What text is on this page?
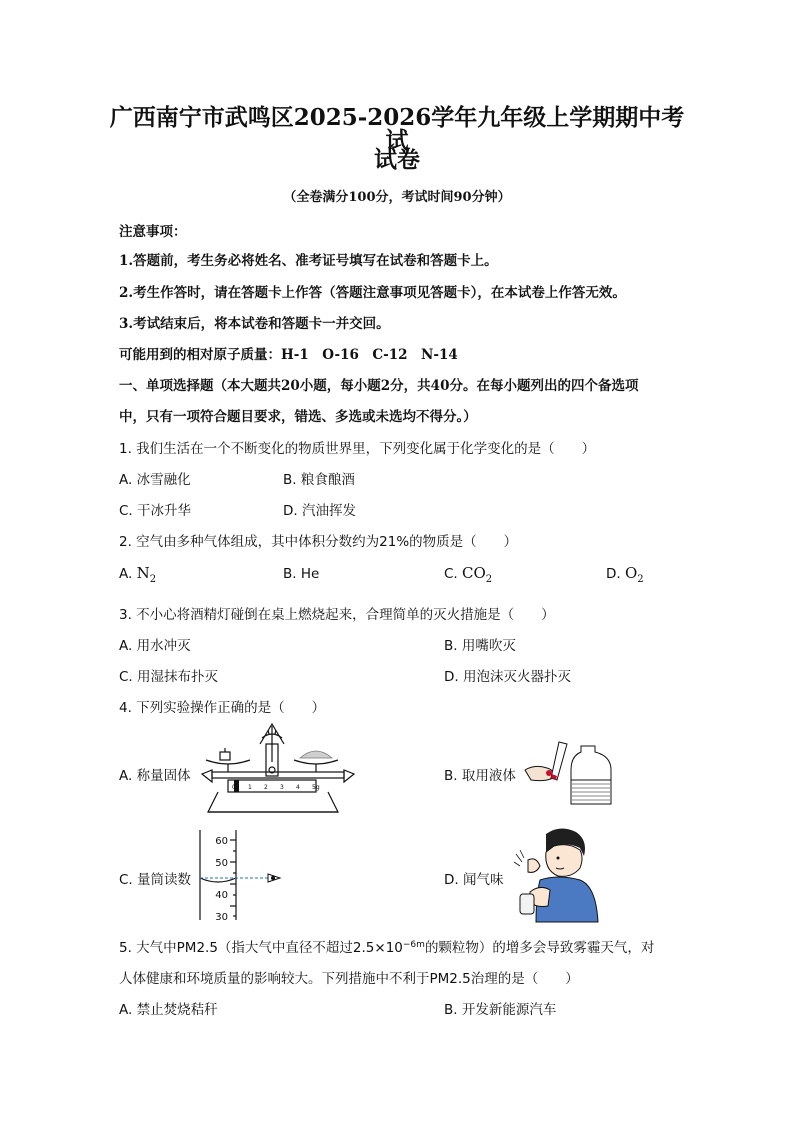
广西南宁市武鸣区2025-2026学年九年级上学期期中考试
试卷
（全卷满分100分，考试时间90分钟）
注意事项：
1.答题前，考生务必将姓名、准考证号填写在试卷和答题卡上。
2.考生作答时，请在答题卡上作答（答题注意事项见答题卡），在本试卷上作答无效。
3.考试结束后，将本试卷和答题卡一并交回。
可能用到的相对原子质量：H-1　O-16　C-12　N-14
一、单项选择题（本大题共20小题，每小题2分，共40分。在每小题列出的四个备选项
中，只有一项符合题目要求，错选、多选或未选均不得分。）
1. 我们生活在一个不断变化的物质世界里，下列变化属于化学变化的是（　　）
A. 冰雪融化	B. 粮食酿酒
C. 干冰升华	D. 汽油挥发
2. 空气由多种气体组成，其中体积分数约为21%的物质是（　　）
A. $N_2$	B. He	C. $CO_2$	D. $O_2$
3. 不小心将酒精灯碰倒在桌上燃烧起来，合理简单的灭火措施是（　　）
A. 用水冲灭	B. 用嘴吹灭
C. 用湿抹布扑灭	D. 用泡沫灭火器扑灭
4. 下列实验操作正确的是（　　）
A. 称量固体	B. 取用液体
C. 量筒读数	D. 闻气味
0 1 2 3 4 5g
60
50
40
30
5. 大气中PM2.5（指大气中直径不超过$2.5\times 10^{-6m}$的颗粒物）的增多会导致雾霾天气，对
人体健康和环境质量的影响较大。下列措施中不利于PM2.5治理的是（　　）
A. 禁止焚烧秸秆	B. 开发新能源汽车
